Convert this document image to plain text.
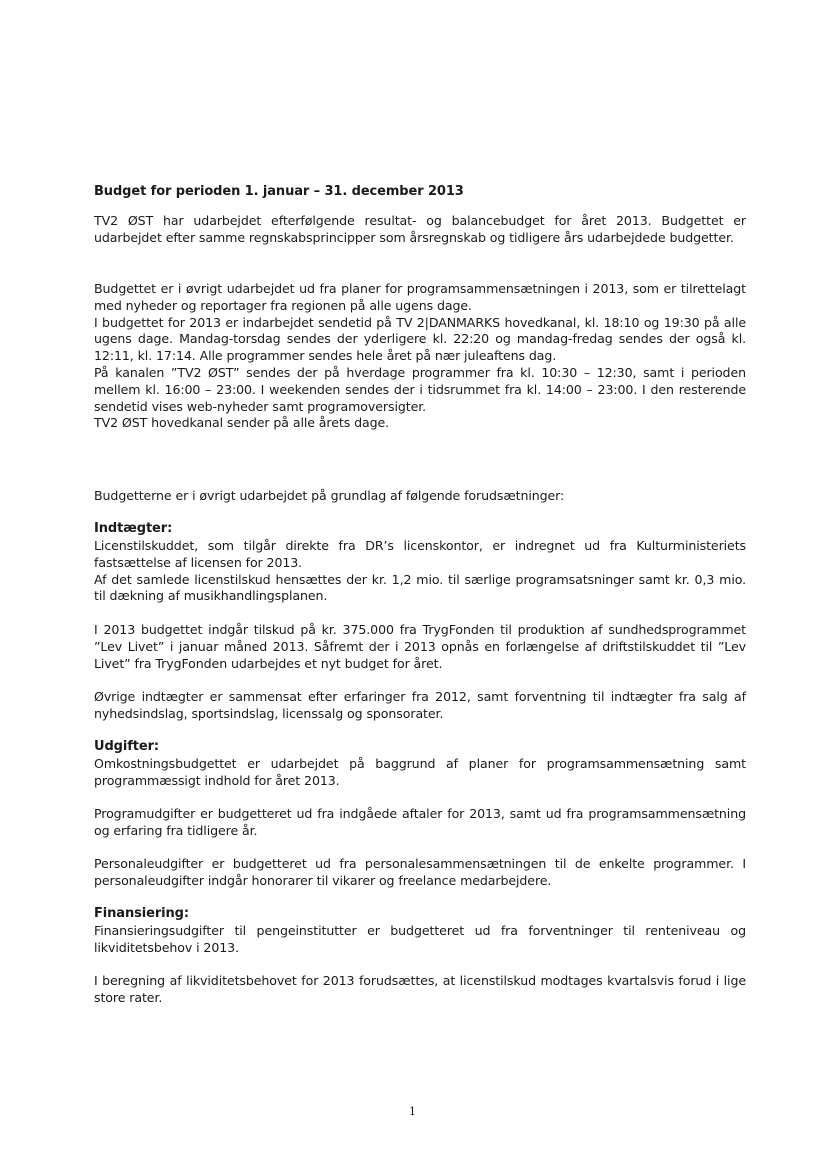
Budget for perioden 1. januar – 31. december 2013
TV2 ØST har udarbejdet efterfølgende resultat- og balancebudget for året 2013. Budgettet er udarbejdet efter samme regnskabsprincipper som årsregnskab og tidligere års udarbejdede budgetter.
Budgettet er i øvrigt udarbejdet ud fra planer for programsammensætningen i 2013, som er tilrettelagt med nyheder og reportager fra regionen på alle ugens dage.
I budgettet for 2013 er indarbejdet sendetid på TV 2|DANMARKS hovedkanal, kl. 18:10 og 19:30 på alle ugens dage. Mandag-torsdag sendes der yderligere kl. 22:20 og mandag-fredag sendes der også kl. 12:11, kl. 17:14. Alle programmer sendes hele året på nær juleaftens dag.
På kanalen ”TV2 ØST” sendes der på hverdage programmer fra kl. 10:30 – 12:30, samt i perioden mellem kl. 16:00 – 23:00. I weekenden sendes der i tidsrummet fra kl. 14:00 – 23:00. I den resterende sendetid vises web-nyheder samt programoversigter.
TV2 ØST hovedkanal sender på alle årets dage.
Budgetterne er i øvrigt udarbejdet på grundlag af følgende forudsætninger:
Indtægter:
Licenstilskuddet, som tilgår direkte fra DR’s licenskontor, er indregnet ud fra Kulturministeriets fastsættelse af licensen for 2013.
Af det samlede licenstilskud hensættes der kr. 1,2 mio. til særlige programsatsninger samt kr. 0,3 mio. til dækning af musikhandlingsplanen.
I 2013 budgettet indgår tilskud på kr. 375.000 fra TrygFonden til produktion af sundhedsprogrammet ”Lev Livet” i januar måned 2013. Såfremt der i 2013 opnås en forlængelse af driftstilskuddet til ”Lev Livet” fra TrygFonden udarbejdes et nyt budget for året.
Øvrige indtægter er sammensat efter erfaringer fra 2012, samt forventning til indtægter fra salg af nyhedsindslag, sportsindslag, licenssalg og sponsorater.
Udgifter:
Omkostningsbudgettet er udarbejdet på baggrund af planer for programsammensætning samt programmæssigt indhold for året 2013.
Programudgifter er budgetteret ud fra indgåede aftaler for 2013, samt ud fra programsammensætning og erfaring fra tidligere år.
Personaleudgifter er budgetteret ud fra personalesammensætningen til de enkelte programmer. I personaleudgifter indgår honorarer til vikarer og freelance medarbejdere.
Finansiering:
Finansieringsudgifter til pengeinstitutter er budgetteret ud fra forventninger til renteniveau og likviditetsbehov i 2013.
I beregning af likviditetsbehovet for 2013 forudsættes, at licenstilskud modtages kvartalsvis forud i lige store rater.
1
